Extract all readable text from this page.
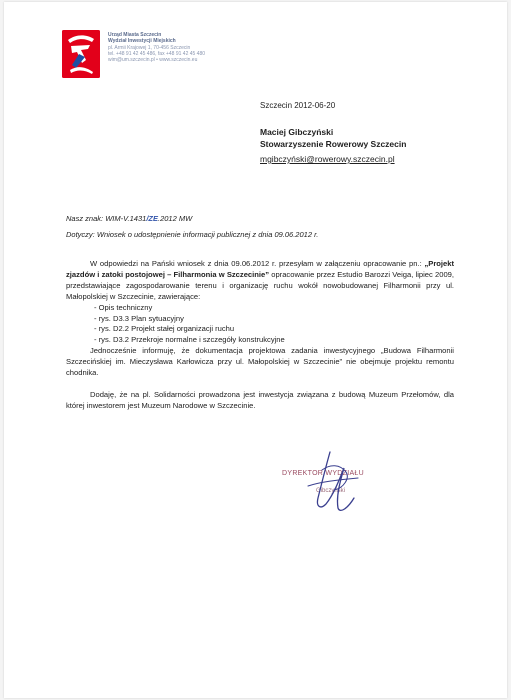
Urząd Miasta Szczecin
Wydział Inwestycji Miejskich
pl. Armii Krajowej 1, 70-456 Szczecin
tel. +48 91 42 45 486, fax +48 91 42 45 480
wim@um.szczecin.pl • www.szczecin.eu
Szczecin 2012-06-20
Maciej Gibczyński
Stowarzyszenie Rowerowy Szczecin
mgibczyński@rowerowy.szczecin.pl
Nasz znak: WIM-V.1431/ZE.2012 MW
Dotyczy: Wniosek o udostępnienie informacji publicznej z dnia 09.06.2012 r.

W odpowiedzi na Pański wniosek z dnia 09.06.2012 r. przesyłam w załączeniu opracowanie pn.: „Projekt zjazdów i zatoki postojowej – Filharmonia w Szczecinie” opracowanie przez Estudio Barozzi Veiga, lipiec 2009, przedstawiające zagospodarowanie terenu i organizację ruchu wokół nowobudowanej Filharmonii przy ul. Małopolskiej w Szczecinie, zawierające:

- Opis techniczny
- rys. D3.3 Plan sytuacyjny
- rys. D2.2 Projekt stałej organizacji ruchu
- rys. D3.2 Przekroje normalne i szczegóły konstrukcyjne

Jednocześnie informuję, że dokumentacja projektowa zadania inwestycyjnego „Budowa Filharmonii Szczecińskiej im. Mieczysława Karłowicza przy ul. Małopolskiej w Szczecinie” nie obejmuje projektu remontu chodnika.

Dodaję, że na pl. Solidarności prowadzona jest inwestycja związana z budową Muzeum Przełomów, dla której inwestorem jest Muzeum Narodowe w Szczecinie.

DYREKTOR WYDZIAŁU
Gibczyński
